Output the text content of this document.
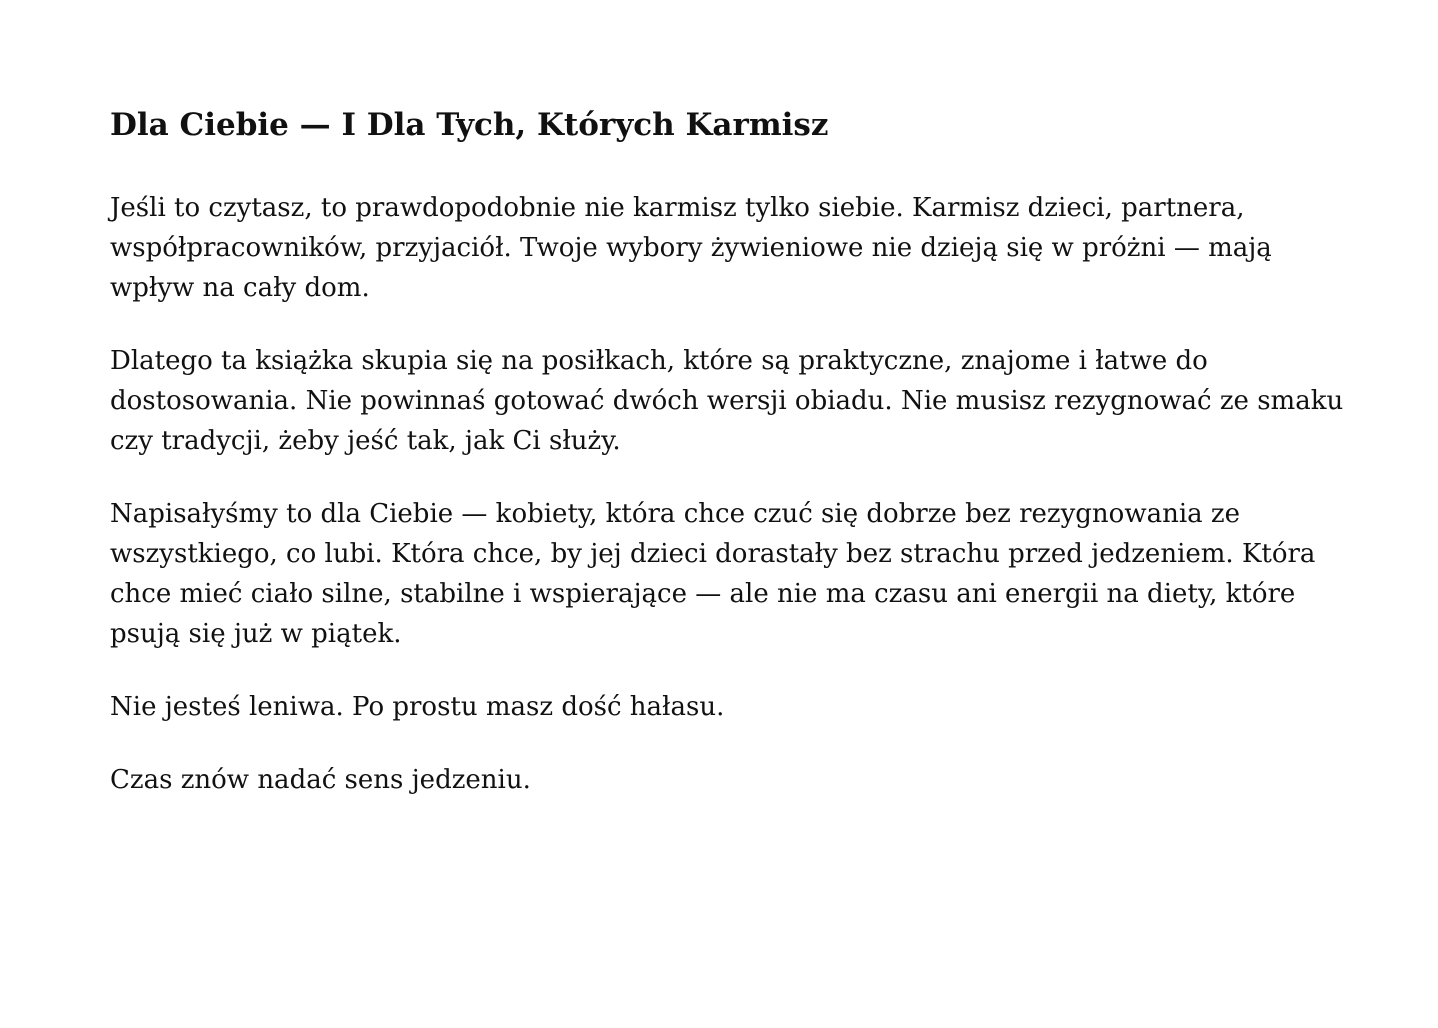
Dla Ciebie — I Dla Tych, Których Karmisz

Jeśli to czytasz, to prawdopodobnie nie karmisz tylko siebie. Karmisz dzieci, partnera,
współpracowników, przyjaciół. Twoje wybory żywieniowe nie dzieją się w próżni — mają
wpływ na cały dom.

Dlatego ta książka skupia się na posiłkach, które są praktyczne, znajome i łatwe do
dostosowania. Nie powinnaś gotować dwóch wersji obiadu. Nie musisz rezygnować ze smaku
czy tradycji, żeby jeść tak, jak Ci służy.

Napisałyśmy to dla Ciebie — kobiety, która chce czuć się dobrze bez rezygnowania ze
wszystkiego, co lubi. Która chce, by jej dzieci dorastały bez strachu przed jedzeniem. Która
chce mieć ciało silne, stabilne i wspierające — ale nie ma czasu ani energii na diety, które
psują się już w piątek.

Nie jesteś leniwa. Po prostu masz dość hałasu.

Czas znów nadać sens jedzeniu.
